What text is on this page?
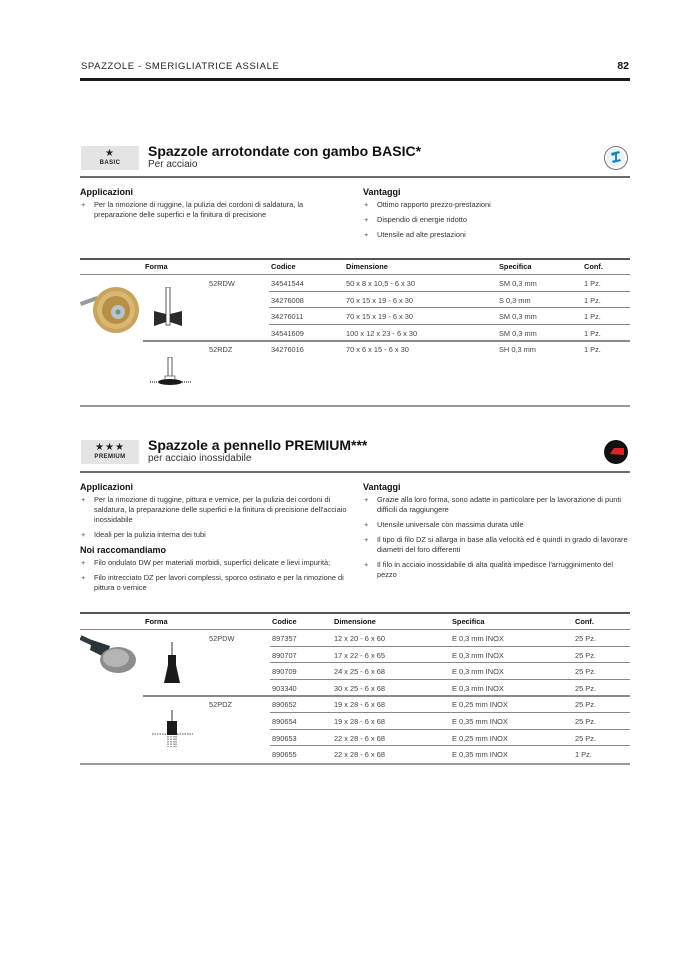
SPAZZOLE - SMERIGLIATRICE ASSIALE	82
★
BASIC
Spazzole arrotondate con gambo BASIC*
Per acciaio
Applicazioni
+ Per la rimozione di ruggine, la pulizia dei cordoni di saldatura, la preparazione delle superfici e la finitura di precisione
Vantaggi
+ Ottimo rapporto prezzo-prestazioni
+ Dispendio di energie ridotto
+ Utensile ad alte prestazioni
Forma	Codice	Dimensione	Specifica	Conf.
52RDW	34541544	50 x 8 x 10,5 - 6 x 30	SM 0,3 mm	1 Pz.
34276008	70 x 15 x 19 - 6 x 30	S 0,3 mm	1 Pz.
34276011	70 x 15 x 19 - 6 x 30	SM 0,3 mm	1 Pz.
34541609	100 x 12 x 23 - 6 x 30	SM 0,3 mm	1 Pz.
52RDZ	34276016	70 x 6 x 15 - 6 x 30	SH 0,3 mm	1 Pz.
★★★
PREMIUM
Spazzole a pennello PREMIUM***
per acciaio inossidabile
Applicazioni
+ Per la rimozione di ruggine, pittura e vernice, per la pulizia dei cordoni di saldatura, la preparazione delle superfici e la finitura di precisione dell'acciaio inossidabile
+ Ideali per la pulizia interna dei tubi
Noi raccomandiamo
+ Filo ondulato DW per materiali morbidi, superfici delicate e lievi impurità;
+ Filo intrecciato DZ per lavori complessi, sporco ostinato e per la rimozione di pittura o vernice
Vantaggi
+ Grazie alla loro forma, sono adatte in particolare per la lavorazione di punti difficili da raggiungere
+ Utensile universale con massima durata utile
+ Il tipo di filo DZ si allarga in base alla velocità ed è quindi in grado di lavorare diametri del foro differenti
+ Il filo in acciaio inossidabile di alta qualità impedisce l'arrugginimento del pezzo
Forma	Codice	Dimensione	Specifica	Conf.
52PDW	897357	12 x 20 - 6 x 60	E 0,3 mm INOX	25 Pz.
890707	17 x 22 - 6 x 65	E 0,3 mm INOX	25 Pz.
890709	24 x 25 - 6 x 68	E 0,3 mm INOX	25 Pz.
903340	30 x 25 - 6 x 68	E 0,3 mm INOX	25 Pz.
52PDZ	890652	19 x 28 - 6 x 68	E 0,25 mm INOX	25 Pz.
890654	19 x 28 - 6 x 68	E 0,35 mm INOX	25 Pz.
890653	22 x 28 - 6 x 68	E 0,25 mm INOX	25 Pz.
890655	22 x 28 - 6 x 68	E 0,35 mm INOX	1 Pz.
